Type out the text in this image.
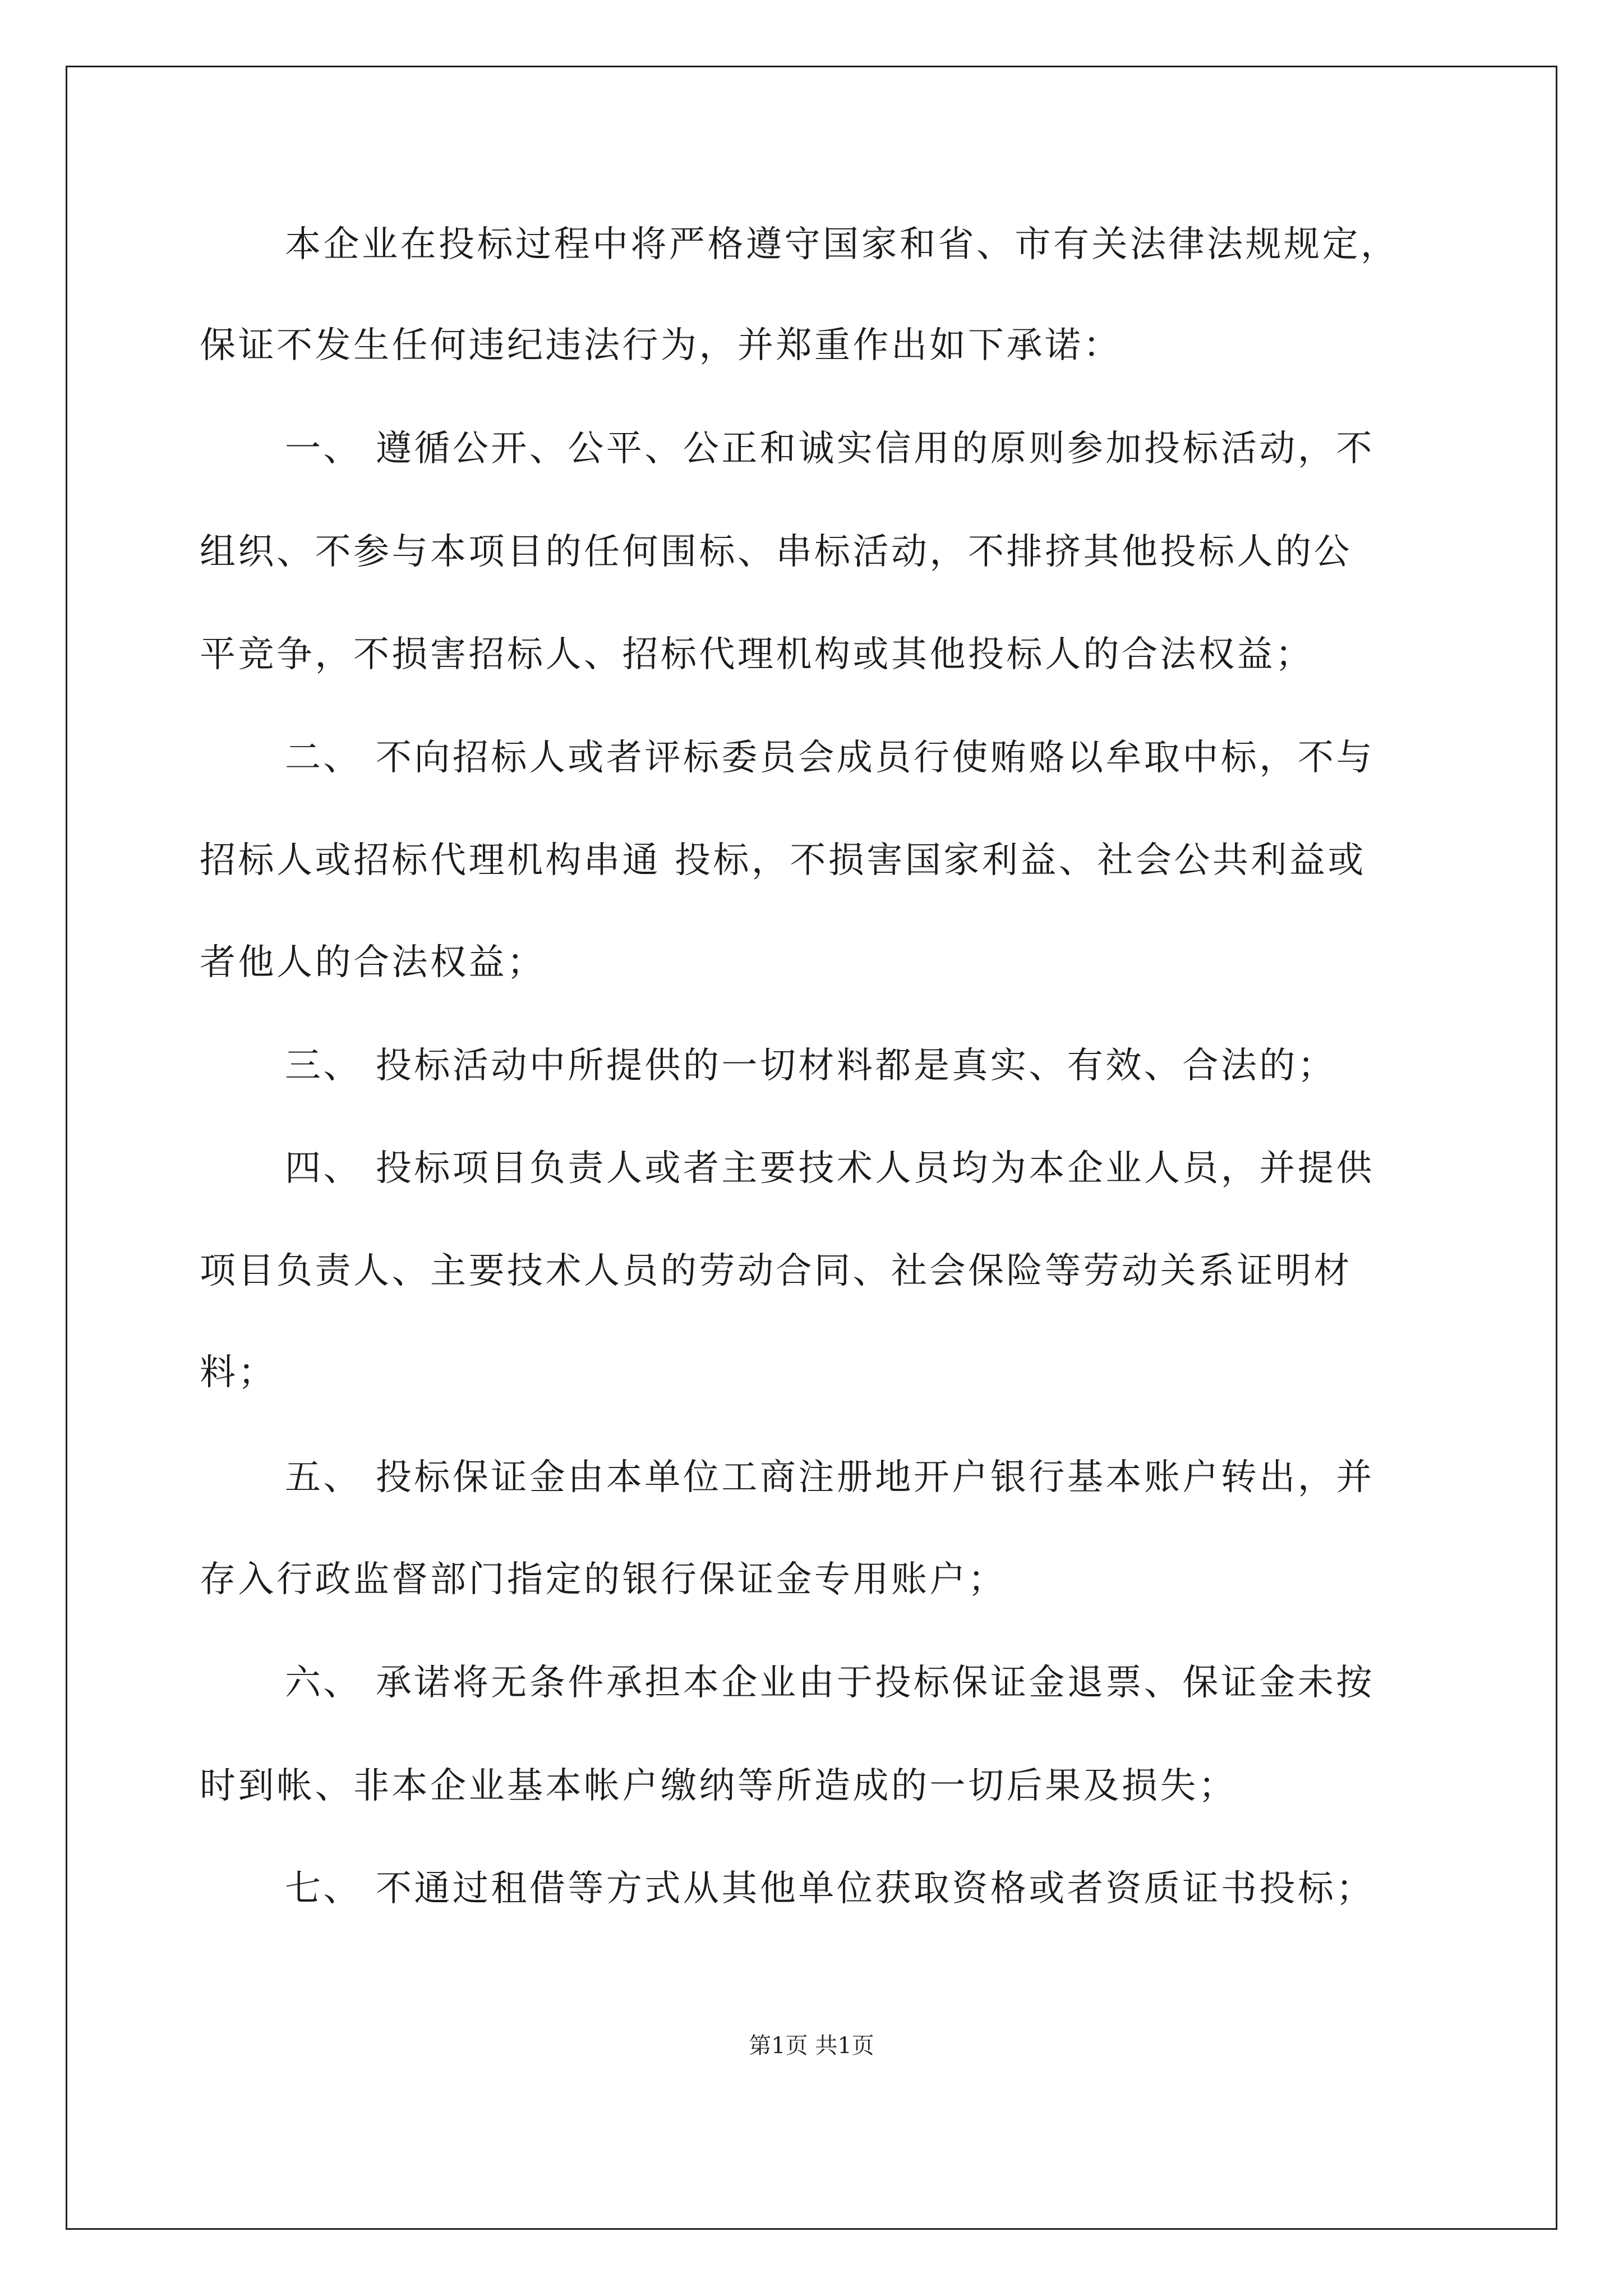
本企业在投标过程中将严格遵守国家和省、市有关法律法规规定，
保证不发生任何违纪违法行为，并郑重作出如下承诺：
一、 遵循公开、公平、公正和诚实信用的原则参加投标活动，不
组织、不参与本项目的任何围标、串标活动，不排挤其他投标人的公
平竞争，不损害招标人、招标代理机构或其他投标人的合法权益；
二、 不向招标人或者评标委员会成员行使贿赂以牟取中标，不与
招标人或招标代理机构串通 投标，不损害国家利益、社会公共利益或
者他人的合法权益；
三、 投标活动中所提供的一切材料都是真实、有效、合法的；
四、 投标项目负责人或者主要技术人员均为本企业人员，并提供
项目负责人、主要技术人员的劳动合同、社会保险等劳动关系证明材
料；
五、 投标保证金由本单位工商注册地开户银行基本账户转出，并
存入行政监督部门指定的银行保证金专用账户；
六、 承诺将无条件承担本企业由于投标保证金退票、保证金未按
时到帐、非本企业基本帐户缴纳等所造成的一切后果及损失；
七、 不通过租借等方式从其他单位获取资格或者资质证书投标；
第1页 共1页
